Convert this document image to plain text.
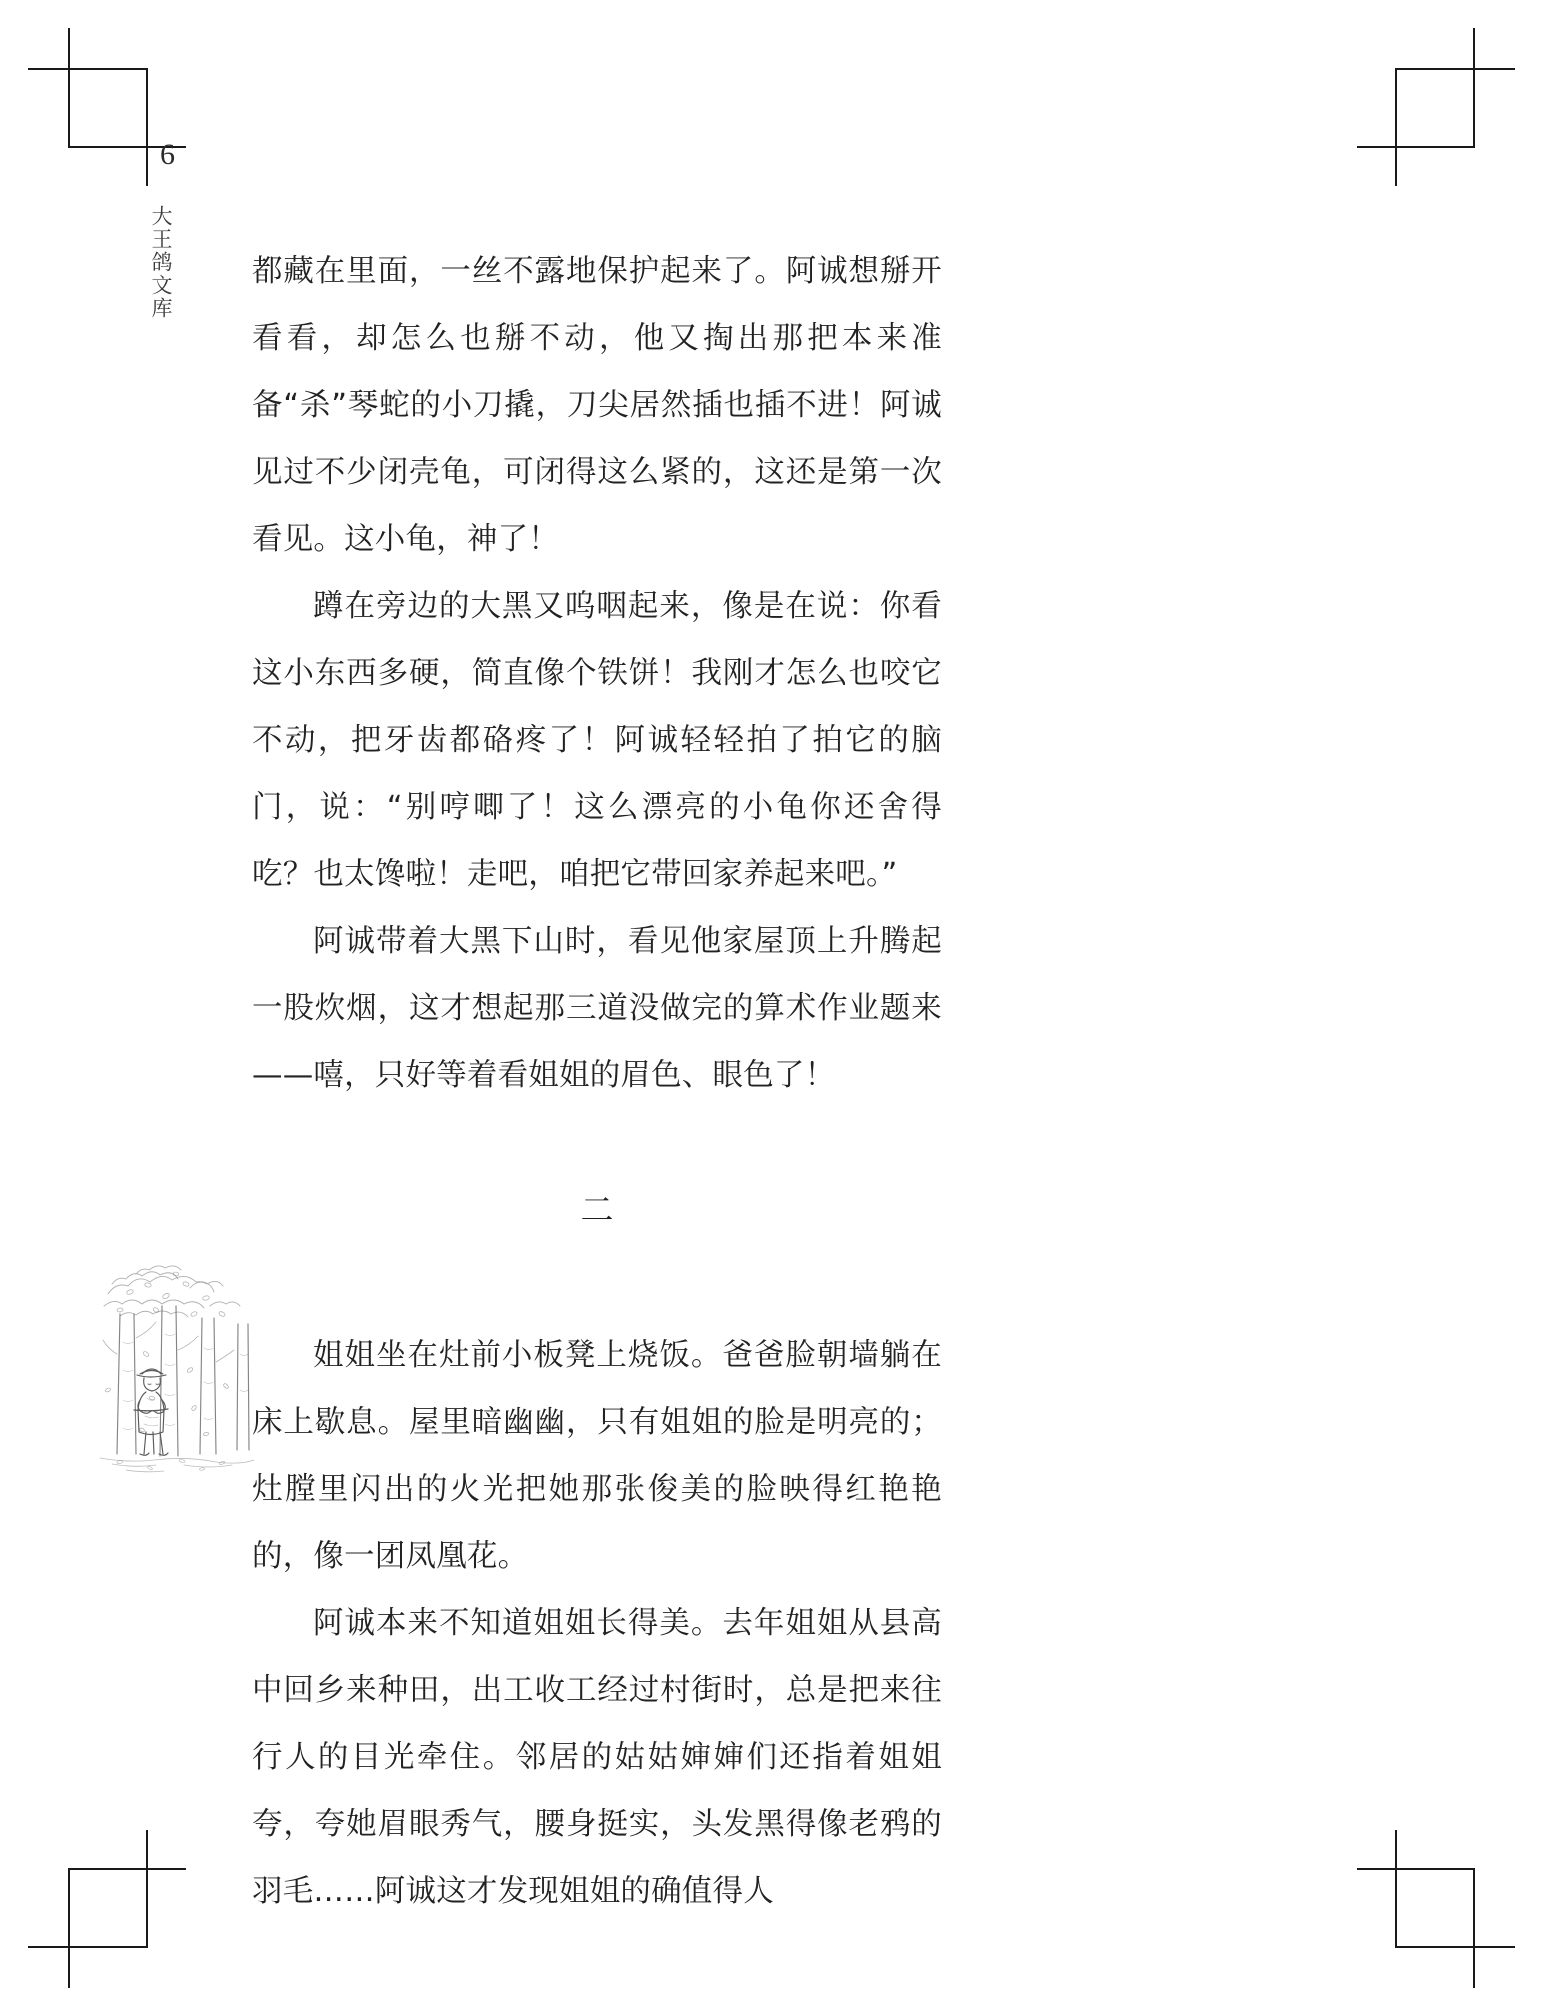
6
大王鸽文库	都藏在里面，一丝不露地保护起来了。阿诚想掰开看看，却怎么也掰不动，他又掏出那把本来准备“杀”琴蛇的小刀撬，刀尖居然插也插不进！阿诚见过不少闭壳龟，可闭得这么紧的，这还是第一次看见。这小龟，神了！

蹲在旁边的大黑又呜咽起来，像是在说：你看这小东西多硬，简直像个铁饼！我刚才怎么也咬它不动，把牙齿都硌疼了！阿诚轻轻拍了拍它的脑门，说：“别哼唧了！这么漂亮的小龟你还舍得吃？也太馋啦！走吧，咱把它带回家养起来吧。”

阿诚带着大黑下山时，看见他家屋顶上升腾起一股炊烟，这才想起那三道没做完的算术作业题来——嘻，只好等着看姐姐的眉色、眼色了！

二

姐姐坐在灶前小板凳上烧饭。爸爸脸朝墙躺在床上歇息。屋里暗幽幽，只有姐姐的脸是明亮的；灶膛里闪出的火光把她那张俊美的脸映得红艳艳的，像一团凤凰花。

阿诚本来不知道姐姐长得美。去年姐姐从县高中回乡来种田，出工收工经过村街时，总是把来往行人的目光牵住。邻居的姑姑婶婶们还指着姐姐夸，夸她眉眼秀气，腰身挺实，头发黑得像老鸦的羽毛……阿诚这才发现姐姐的确值得人
